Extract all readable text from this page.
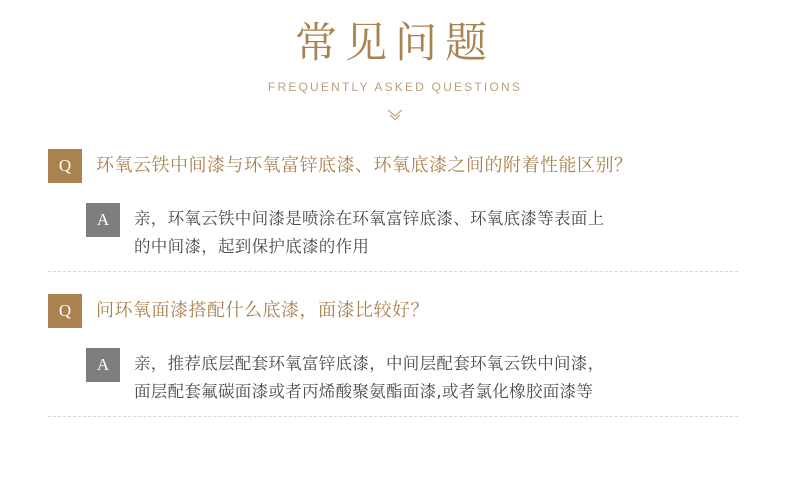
常见问题
FREQUENTLY ASKED QUESTIONS
Q	环氧云铁中间漆与环氧富锌底漆、环氧底漆之间的附着性能区别？
A	亲，环氧云铁中间漆是喷涂在环氧富锌底漆、环氧底漆等表面上
的中间漆，起到保护底漆的作用
Q	问环氧面漆搭配什么底漆，面漆比较好？
A	亲，推荐底层配套环氧富锌底漆，中间层配套环氧云铁中间漆，
面层配套氟碳面漆或者丙烯酸聚氨酯面漆,或者氯化橡胶面漆等
